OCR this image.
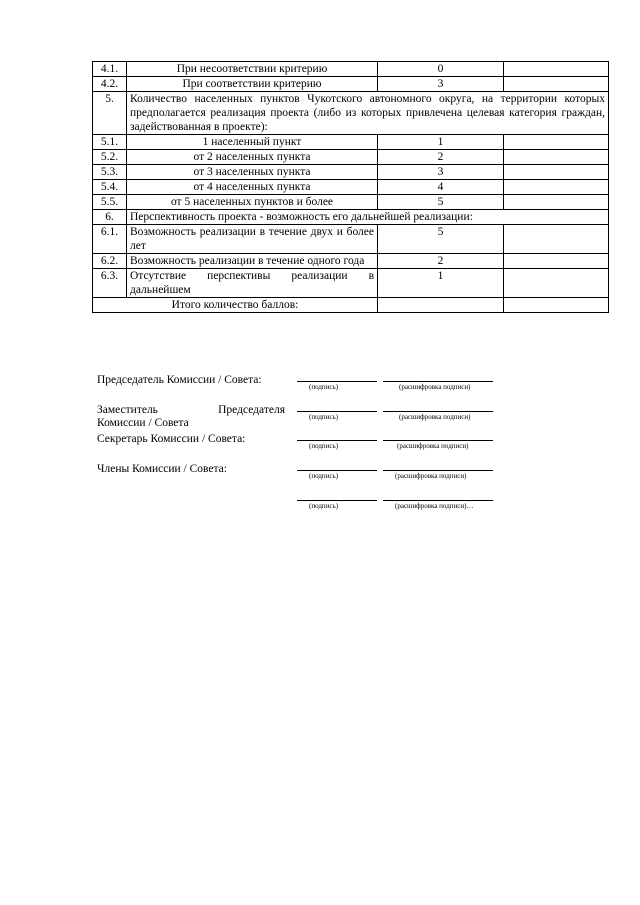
4.1.	При несоответствии критерию	0	
4.2.	При соответствии критерию	3	
5.	Количество населенных пунктов Чукотского автономного округа, на территории которых предполагается реализация проекта (либо из которых привлечена целевая категория граждан, задействованная в проекте):		
5.1.	1 населенный пункт	1	
5.2.	от 2 населенных пункта	2	
5.3.	от 3 населенных пункта	3	
5.4.	от 4 населенных пункта	4	
5.5.	от 5 населенных пунктов и более	5	
6.	Перспективность проекта - возможность его дальнейшей реализации:		
6.1.	Возможность реализации в течение двух и более лет	5	
6.2.	Возможность реализации в течение одного года	2	
6.3.	Отсутствие перспективы реализации в дальнейшем	1	
Итого количество баллов:			
Председатель Комиссии / Совета:
(подпись)	(расшифровка подписи)
Заместитель Председателя
Комиссии / Совета	(подпись)	(расшифровка подписи)
Секретарь Комиссии / Совета:
(подпись)	(расшифровка подписи)
Члены Комиссии / Совета:
(подпись)	(расшифровка подписи)
(подпись)	(расшифровка подписи)…
